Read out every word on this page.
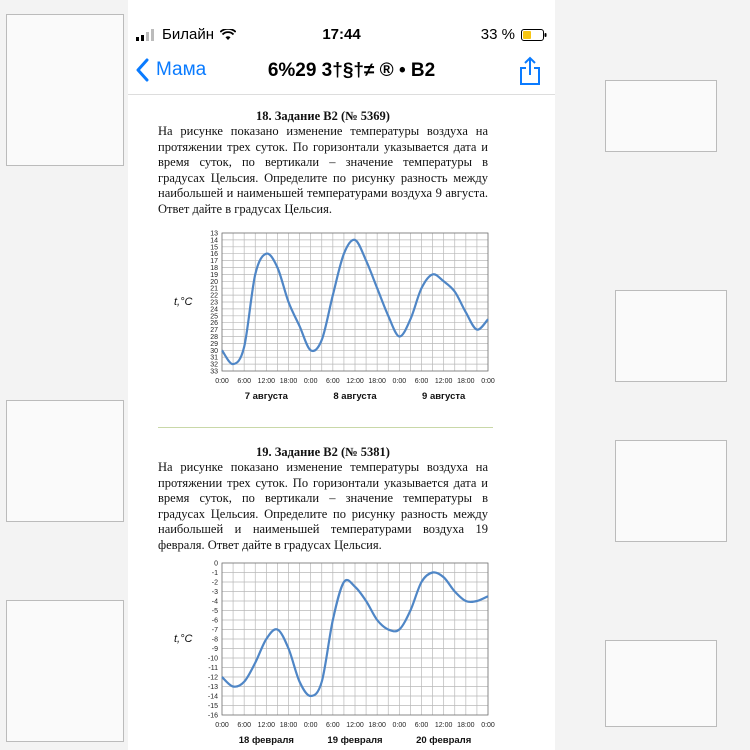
Билайн	17:44	33 %
Мама	6%29 3†§†≠ ® • B2
18. Задание B2 (№ 5369)

На рисунке показано изменение температуры воздуха на протяжении трех суток. По горизонтали указывается дата и время суток, по вертикали – значение температуры в градусах Цельсия. Определите по рисунку разность между наибольшей и наименьшей температурами воздуха 9 августа. Ответ дайте в градусах Цельсия.

13
14
15
16
17
18
19
20
21
22
23
24
25
26
27
28
29
30
31
32
33
0:00 6:00 12:00 18:00 0:00 6:00 12:00 18:00 0:00 6:00 12:00 18:00 0:00
7 августа	8 августа	9 августа
t,°C
19. Задание B2 (№ 5381)

На рисунке показано изменение температуры воздуха на протяжении трех суток. По горизонтали указывается дата и время суток, по вертикали – значение температуры в градусах Цельсия. Определите по рисунку разность между наибольшей и наименьшей температурами воздуха 19 февраля. Ответ дайте в градусах Цельсия.

0
-1
-2
-3
-4
-5
-6
-7
-8
-9
-10
-11
-12
-13
-14
-15
-16
0:00 6:00 12:00 18:00 0:00 6:00 12:00 18:00 0:00 6:00 12:00 18:00 0:00
18 февраля	19 февраля	20 февраля
t,°C
